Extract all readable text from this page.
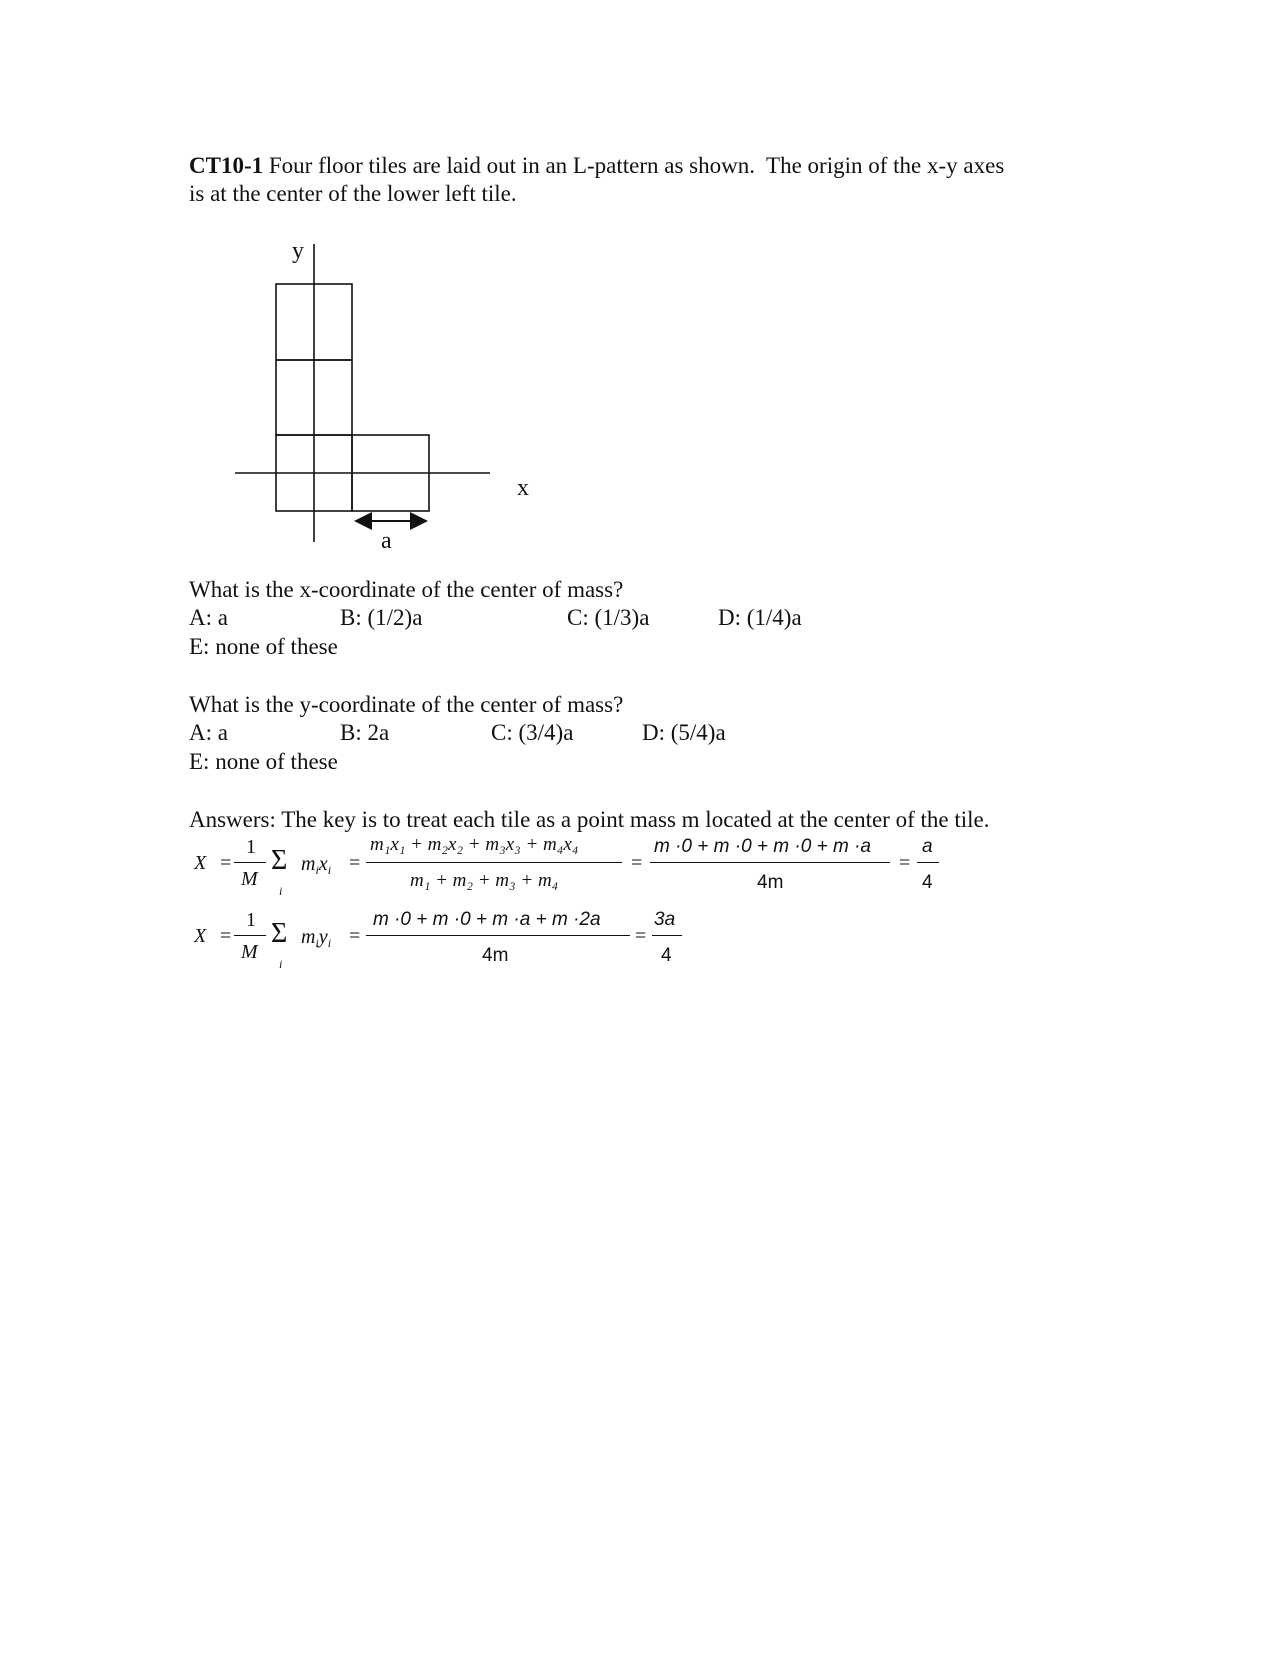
CT10-1 Four floor tiles are laid out in an L-pattern as shown.  The origin of the x-y axes
is at the center of the lower left tile.
y
x
a
What is the x-coordinate of the center of mass?
A: a	B: (1/2)a	C: (1/3)a	D: (1/4)a
E: none of these
What is the y-coordinate of the center of mass?
A: a	B: 2a	C: (3/4)a	D: (5/4)a
E: none of these
Answers: The key is to treat each tile as a point mass m located at the center of the tile.
X =
1
M
Σ
i
$m_ix_i$ =
m₁x₁ + m₂x₂ + m₃x₃ + m₄x₄
m₁ + m₂ + m₃ + m₄
=
m ·0 + m ·0 + m ·0 + m ·a
4m
=
a
4
X =
1
M
Σ
i
$m_iy_i$ =
m ·0 + m ·0 + m ·a + m ·2a
4m
=
3a
4
